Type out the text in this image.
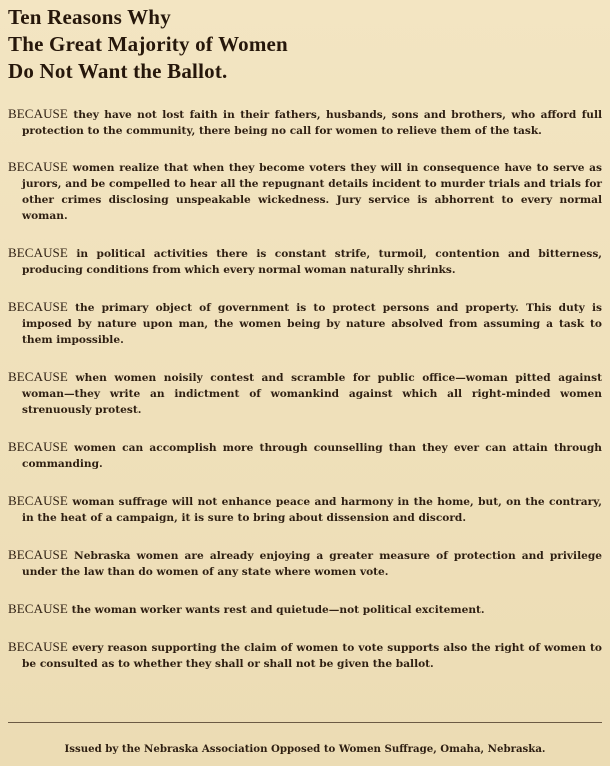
Ten Reasons Why
The Great Majority of Women
Do Not Want the Ballot.

BECAUSE they have not lost faith in their fathers, husbands, sons and brothers, who afford full protection to the community, there being no call for women to relieve them of the task.

BECAUSE women realize that when they become voters they will in consequence have to serve as jurors, and be compelled to hear all the repugnant details incident to murder trials and trials for other crimes disclosing unspeakable wickedness. Jury service is abhorrent to every normal woman.

BECAUSE in political activities there is constant strife, turmoil, contention and bitterness, producing conditions from which every normal woman naturally shrinks.

BECAUSE the primary object of government is to protect persons and property. This duty is imposed by nature upon man, the women being by nature absolved from assuming a task to them impossible.

BECAUSE when women noisily contest and scramble for public office—woman pitted against woman—they write an indictment of womankind against which all right-minded women strenuously protest.

BECAUSE women can accomplish more through counselling than they ever can attain through commanding.

BECAUSE woman suffrage will not enhance peace and harmony in the home, but, on the contrary, in the heat of a campaign, it is sure to bring about dissension and discord.

BECAUSE Nebraska women are already enjoying a greater measure of protection and privilege under the law than do women of any state where women vote.

BECAUSE the woman worker wants rest and quietude—not political excitement.

BECAUSE every reason supporting the claim of women to vote supports also the right of women to be consulted as to whether they shall or shall not be given the ballot.

Issued by the Nebraska Association Opposed to Women Suffrage, Omaha, Nebraska.
